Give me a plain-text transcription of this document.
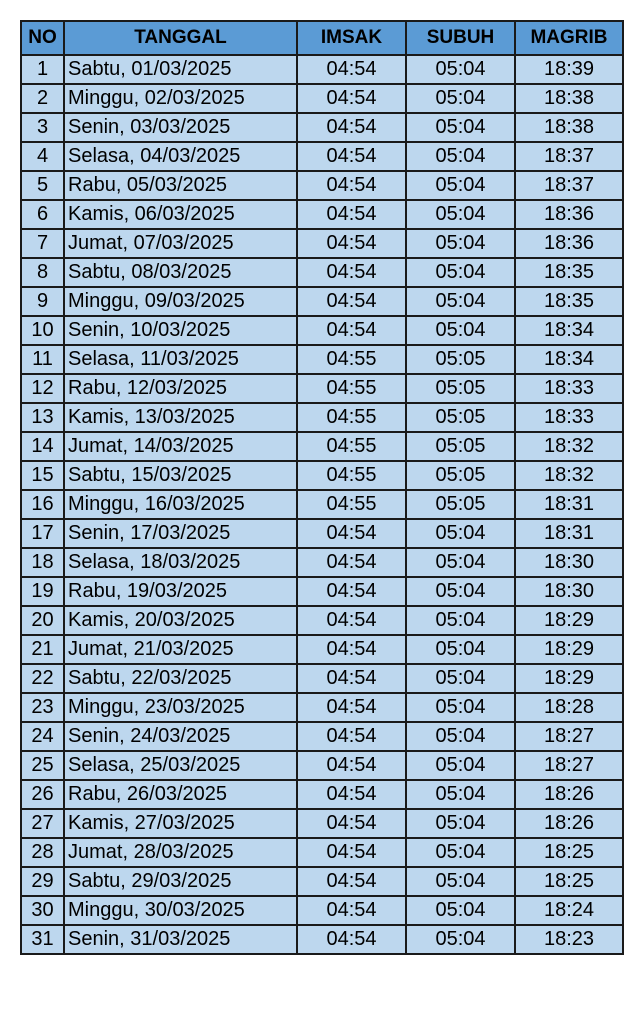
NO	TANGGAL	IMSAK	SUBUH	MAGRIB
1	Sabtu, 01/03/2025	04:54	05:04	18:39
2	Minggu, 02/03/2025	04:54	05:04	18:38
3	Senin, 03/03/2025	04:54	05:04	18:38
4	Selasa, 04/03/2025	04:54	05:04	18:37
5	Rabu, 05/03/2025	04:54	05:04	18:37
6	Kamis, 06/03/2025	04:54	05:04	18:36
7	Jumat, 07/03/2025	04:54	05:04	18:36
8	Sabtu, 08/03/2025	04:54	05:04	18:35
9	Minggu, 09/03/2025	04:54	05:04	18:35
10	Senin, 10/03/2025	04:54	05:04	18:34
11	Selasa, 11/03/2025	04:55	05:05	18:34
12	Rabu, 12/03/2025	04:55	05:05	18:33
13	Kamis, 13/03/2025	04:55	05:05	18:33
14	Jumat, 14/03/2025	04:55	05:05	18:32
15	Sabtu, 15/03/2025	04:55	05:05	18:32
16	Minggu, 16/03/2025	04:55	05:05	18:31
17	Senin, 17/03/2025	04:54	05:04	18:31
18	Selasa, 18/03/2025	04:54	05:04	18:30
19	Rabu, 19/03/2025	04:54	05:04	18:30
20	Kamis, 20/03/2025	04:54	05:04	18:29
21	Jumat, 21/03/2025	04:54	05:04	18:29
22	Sabtu, 22/03/2025	04:54	05:04	18:29
23	Minggu, 23/03/2025	04:54	05:04	18:28
24	Senin, 24/03/2025	04:54	05:04	18:27
25	Selasa, 25/03/2025	04:54	05:04	18:27
26	Rabu, 26/03/2025	04:54	05:04	18:26
27	Kamis, 27/03/2025	04:54	05:04	18:26
28	Jumat, 28/03/2025	04:54	05:04	18:25
29	Sabtu, 29/03/2025	04:54	05:04	18:25
30	Minggu, 30/03/2025	04:54	05:04	18:24
31	Senin, 31/03/2025	04:54	05:04	18:23
